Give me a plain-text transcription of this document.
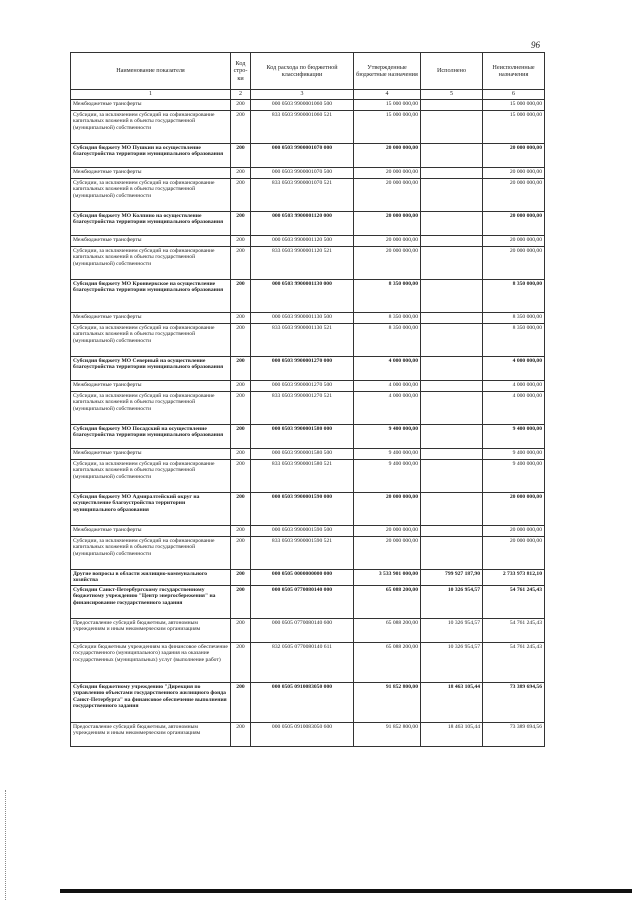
96
Наименование показателя	Код стро-ки	Код расхода по бюджетной классификации	Утвержденные бюджетные назначения	Исполнено	Неисполненные назначения
1	2	3	4	5	6
Межбюджетные трансферты	200	000 0503 9900001060 500	15 000 000,00		15 000 000,00
Субсидии, за исключением субсидий на софинансирование капитальных вложений в объекты государственной (муниципальной) собственности	200	833 0503 9900001060 521	15 000 000,00		15 000 000,00
Субсидия бюджету МО Пушкин на осуществление благоустройства территории муниципального образования	200	000 0503 9900001070 000	20 000 000,00		20 000 000,00
Межбюджетные трансферты	200	000 0503 9900001070 500	20 000 000,00		20 000 000,00
Субсидии, за исключением субсидий на софинансирование капитальных вложений в объекты государственной (муниципальной) собственности	200	833 0503 9900001070 521	20 000 000,00		20 000 000,00
Субсидия бюджету МО Колпино на осуществление благоустройства территории муниципального образования	200	000 0503 9900001120 000	20 000 000,00		20 000 000,00
Межбюджетные трансферты	200	000 0503 9900001120 500	20 000 000,00		20 000 000,00
Субсидии, за исключением субсидий на софинансирование капитальных вложений в объекты государственной (муниципальной) собственности	200	833 0503 9900001120 521	20 000 000,00		20 000 000,00
Субсидия бюджету МО Кронверкское на осуществление благоустройства территории муниципального образования	200	000 0503 9900001130 000	8 350 000,00		8 350 000,00
Межбюджетные трансферты	200	000 0503 9900001130 500	8 350 000,00		8 350 000,00
Субсидии, за исключением субсидий на софинансирование капитальных вложений в объекты государственной (муниципальной) собственности	200	833 0503 9900001130 521	8 350 000,00		8 350 000,00
Субсидия бюджету МО Северный на осуществление благоустройства территории муниципального образования	200	000 0503 9900001270 000	4 000 000,00		4 000 000,00
Межбюджетные трансферты	200	000 0503 9900001270 500	4 000 000,00		4 000 000,00
Субсидии, за исключением субсидий на софинансирование капитальных вложений в объекты государственной (муниципальной) собственности	200	833 0503 9900001270 521	4 000 000,00		4 000 000,00
Субсидия бюджету МО Посадский на осуществление благоустройства территории муниципального образования	200	000 0503 9900001580 000	9 400 000,00		9 400 000,00
Межбюджетные трансферты	200	000 0503 9900001580 500	9 400 000,00		9 400 000,00
Субсидии, за исключением субсидий на софинансирование капитальных вложений в объекты государственной (муниципальной) собственности	200	833 0503 9900001580 521	9 400 000,00		9 400 000,00
Субсидия бюджету МО Адмиралтейский округ на осуществление благоустройства территории муниципального образования	200	000 0503 9900001590 000	20 000 000,00		20 000 000,00
Межбюджетные трансферты	200	000 0503 9900001590 500	20 000 000,00		20 000 000,00
Субсидии, за исключением субсидий на софинансирование капитальных вложений в объекты государственной (муниципальной) собственности	200	833 0503 9900001590 521	20 000 000,00		20 000 000,00
Другие вопросы в области жилищно-коммунального хозяйства	200	000 0505 0000000000 000	3 533 901 000,00	799 927 187,90	2 733 973 812,10
Субсидии Санкт-Петербургскому государственному бюджетному учреждению "Центр энергосбережения" на финансирование государственного задания	200	000 0505 0770080140 000	65 088 200,00	10 326 954,57	54 761 245,43
Предоставление субсидий бюджетным, автономным учреждениям и иным некоммерческим организациям	200	000 0505 0770080140 600	65 088 200,00	10 326 954,57	54 761 245,43
Субсидии бюджетным учреждениям на финансовое обеспечение государственного (муниципального) задания на оказание государственных (муниципальных) услуг (выполнение работ)	200	832 0505 0770080140 611	65 088 200,00	10 326 954,57	54 761 245,43
Субсидии бюджетному учреждению "Дирекция по управлению объектами государственного жилищного фонда Санкт-Петербурга" на финансовое обеспечение выполнения государственного задания	200	000 0505 0910083050 000	91 852 800,00	18 463 105,44	73 389 694,56
Предоставление субсидий бюджетным, автономным учреждениям и иным некоммерческим организациям	200	000 0505 0910083050 600	91 852 800,00	18 463 105,44	73 389 694,56
